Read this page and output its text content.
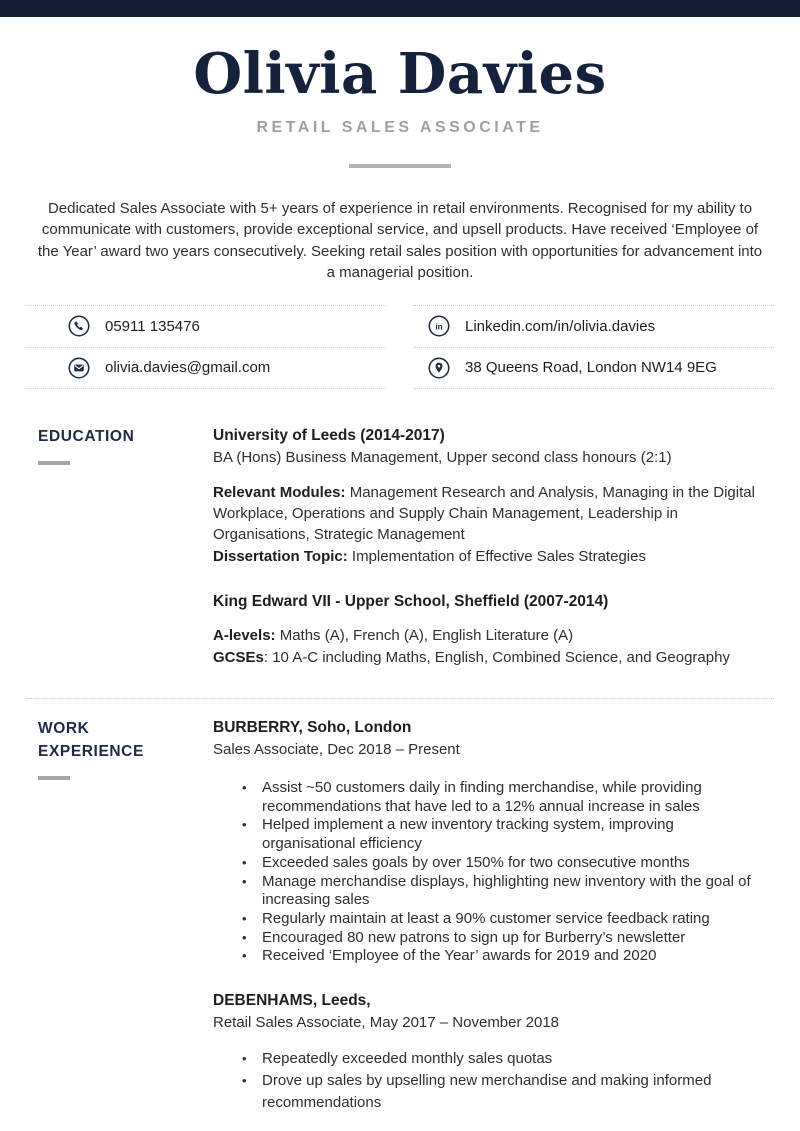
Olivia Davies
RETAIL SALES ASSOCIATE

Dedicated Sales Associate with 5+ years of experience in retail environments. Recognised for my ability to communicate with customers, provide exceptional service, and upsell products. Have received ‘Employee of the Year’ award two years consecutively. Seeking retail sales position with opportunities for advancement into a managerial position.

05911 135476	in Linkedin.com/in/olivia.davies
olivia.davies@gmail.com	38 Queens Road, London NW14 9EG
EDUCATION	University of Leeds (2014-2017)
BA (Hons) Business Management, Upper second class honours (2:1)
Relevant Modules: Management Research and Analysis, Managing in the Digital Workplace, Operations and Supply Chain Management, Leadership in Organisations, Strategic Management
Dissertation Topic: Implementation of Effective Sales Strategies
King Edward VII - Upper School, Sheffield (2007-2014)
A-levels: Maths (A), French (A), English Literature (A)
GCSEs: 10 A-C including Maths, English, Combined Science, and Geography
WORK EXPERIENCE
BURBERRY, Soho, London
Sales Associate, Dec 2018 – Present
• Assist ~50 customers daily in finding merchandise, while providing recommendations that have led to a 12% annual increase in sales
• Helped implement a new inventory tracking system, improving organisational efficiency
• Exceeded sales goals by over 150% for two consecutive months
• Manage merchandise displays, highlighting new inventory with the goal of increasing sales
• Regularly maintain at least a 90% customer service feedback rating
• Encouraged 80 new patrons to sign up for Burberry’s newsletter
• Received ‘Employee of the Year’ awards for 2019 and 2020
DEBENHAMS, Leeds,
Retail Sales Associate, May 2017 – November 2018
• Repeatedly exceeded monthly sales quotas
• Drove up sales by upselling new merchandise and making informed recommendations
